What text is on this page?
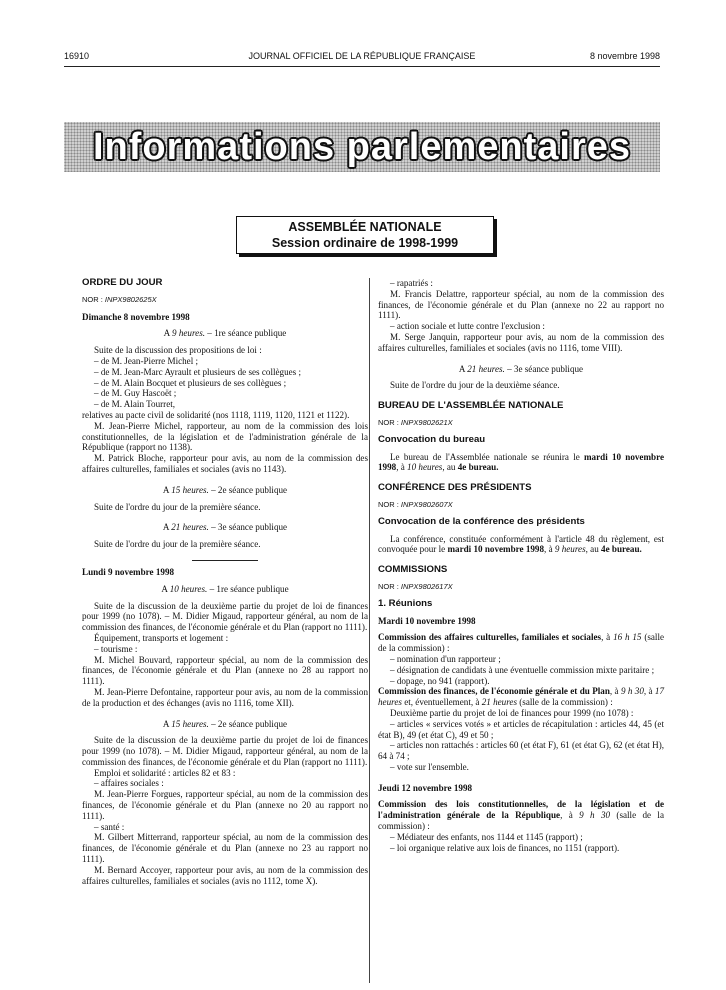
16910	JOURNAL OFFICIEL DE LA RÉPUBLIQUE FRANÇAISE	8 novembre 1998
Informations parlementaires
ASSEMBLÉE NATIONALE
Session ordinaire de 1998-1999

ORDRE DU JOUR

NOR : INPX9802625X

Dimanche 8 novembre 1998

A 9 heures. – 1re séance publique

Suite de la discussion des propositions de loi :

– de M. Jean-Pierre Michel ;

– de M. Jean-Marc Ayrault et plusieurs de ses collègues ;

– de M. Alain Bocquet et plusieurs de ses collègues ;

– de M. Guy Hascoët ;

– de M. Alain Tourret,

relatives au pacte civil de solidarité (nos 1118, 1119, 1120, 1121 et 1122).

M. Jean-Pierre Michel, rapporteur, au nom de la commission des lois constitutionnelles, de la législation et de l'administration générale de la République (rapport no 1138).

M. Patrick Bloche, rapporteur pour avis, au nom de la commission des affaires culturelles, familiales et sociales (avis no 1143).

A 15 heures. – 2e séance publique

Suite de l'ordre du jour de la première séance.

A 21 heures. – 3e séance publique

Suite de l'ordre du jour de la première séance.

Lundi 9 novembre 1998

A 10 heures. – 1re séance publique

Suite de la discussion de la deuxième partie du projet de loi de finances pour 1999 (no 1078). – M. Didier Migaud, rapporteur général, au nom de la commission des finances, de l'économie générale et du Plan (rapport no 1111).

Équipement, transports et logement :

– tourisme :

M. Michel Bouvard, rapporteur spécial, au nom de la commission des finances, de l'économie générale et du Plan (annexe no 28 au rapport no 1111).

M. Jean-Pierre Defontaine, rapporteur pour avis, au nom de la commission de la production et des échanges (avis no 1116, tome XII).

A 15 heures. – 2e séance publique

Suite de la discussion de la deuxième partie du projet de loi de finances pour 1999 (no 1078). – M. Didier Migaud, rapporteur général, au nom de la commission des finances, de l'économie générale et du Plan (rapport no 1111).

Emploi et solidarité : articles 82 et 83 :

– affaires sociales :

M. Jean-Pierre Forgues, rapporteur spécial, au nom de la commission des finances, de l'économie générale et du Plan (annexe no 20 au rapport no 1111).

– santé :

M. Gilbert Mitterrand, rapporteur spécial, au nom de la commission des finances, de l'économie générale et du Plan (annexe no 23 au rapport no 1111).

M. Bernard Accoyer, rapporteur pour avis, au nom de la commission des affaires culturelles, familiales et sociales (avis no 1112, tome X).

– rapatriés :

M. Francis Delattre, rapporteur spécial, au nom de la commission des finances, de l'économie générale et du Plan (annexe no 22 au rapport no 1111).

– action sociale et lutte contre l'exclusion :

M. Serge Janquin, rapporteur pour avis, au nom de la commission des affaires culturelles, familiales et sociales (avis no 1116, tome VIII).

A 21 heures. – 3e séance publique

Suite de l'ordre du jour de la deuxième séance.

BUREAU DE L'ASSEMBLÉE NATIONALE

NOR : INPX9802621X

Convocation du bureau

Le bureau de l'Assemblée nationale se réunira le mardi 10 novembre 1998, à 10 heures, au 4e bureau.

CONFÉRENCE DES PRÉSIDENTS

NOR : INPX9802607X

Convocation de la conférence des présidents

La conférence, constituée conformément à l'article 48 du règlement, est convoquée pour le mardi 10 novembre 1998, à 9 heures, au 4e bureau.

COMMISSIONS

NOR : INPX9802617X

1. Réunions

Mardi 10 novembre 1998

Commission des affaires culturelles, familiales et sociales, à 16 h 15 (salle de la commission) :

– nomination d'un rapporteur ;

– désignation de candidats à une éventuelle commission mixte paritaire ;

– dopage, no 941 (rapport).

Commission des finances, de l'économie générale et du Plan, à 9 h 30, à 17 heures et, éventuellement, à 21 heures (salle de la commission) :

Deuxième partie du projet de loi de finances pour 1999 (no 1078) :

– articles « services votés » et articles de récapitulation : articles 44, 45 (et état B), 49 (et état C), 49 et 50 ;

– articles non rattachés : articles 60 (et état F), 61 (et état G), 62 (et état H), 64 à 74 ;

– vote sur l'ensemble.

Jeudi 12 novembre 1998

Commission des lois constitutionnelles, de la législation et de l'administration générale de la République, à 9 h 30 (salle de la commission) :

– Médiateur des enfants, nos 1144 et 1145 (rapport) ;

– loi organique relative aux lois de finances, no 1151 (rapport).
